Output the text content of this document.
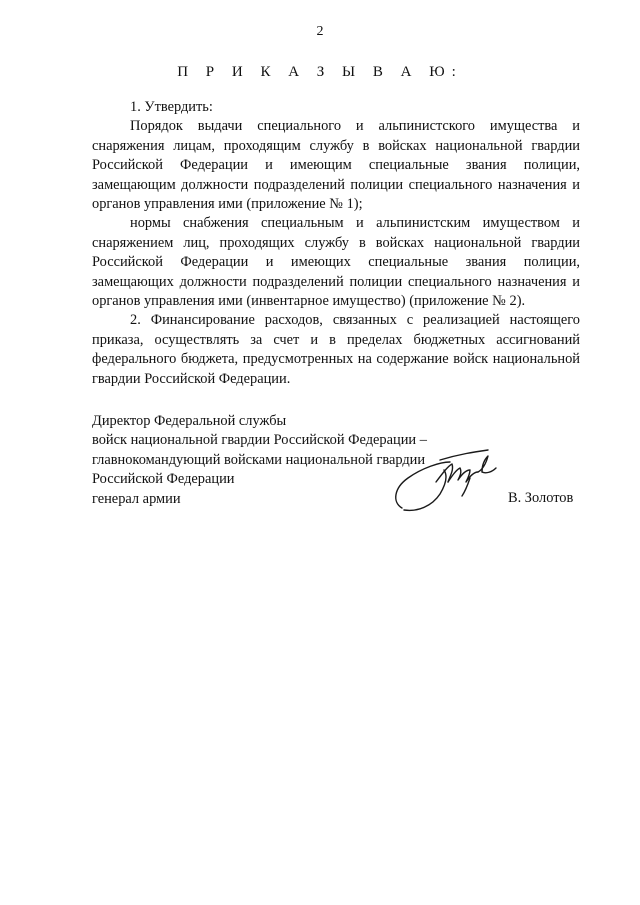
2
П Р И К А З Ы В А Ю:

1. Утвердить:

Порядок выдачи специального и альпинистского имущества и снаряжения лицам, проходящим службу в войсках национальной гвардии Российской Федерации и имеющим специальные звания полиции, замещающим должности подразделений полиции специального назначения и органов управления ими (приложение № 1);

нормы снабжения специальным и альпинистским имуществом и снаряжением лиц, проходящих службу в войсках национальной гвардии Российской Федерации и имеющих специальные звания полиции, замещающих должности подразделений полиции специального назначения и органов управления ими (инвентарное имущество) (приложение № 2).

2. Финансирование расходов, связанных с реализацией настоящего приказа, осуществлять за счет и в пределах бюджетных ассигнований федерального бюджета, предусмотренных на содержание войск национальной гвардии Российской Федерации.

Директор Федеральной службы
войск национальной гвардии Российской Федерации –
главнокомандующий войсками национальной гвардии
Российской Федерации
генерал армии	В. Золотов
